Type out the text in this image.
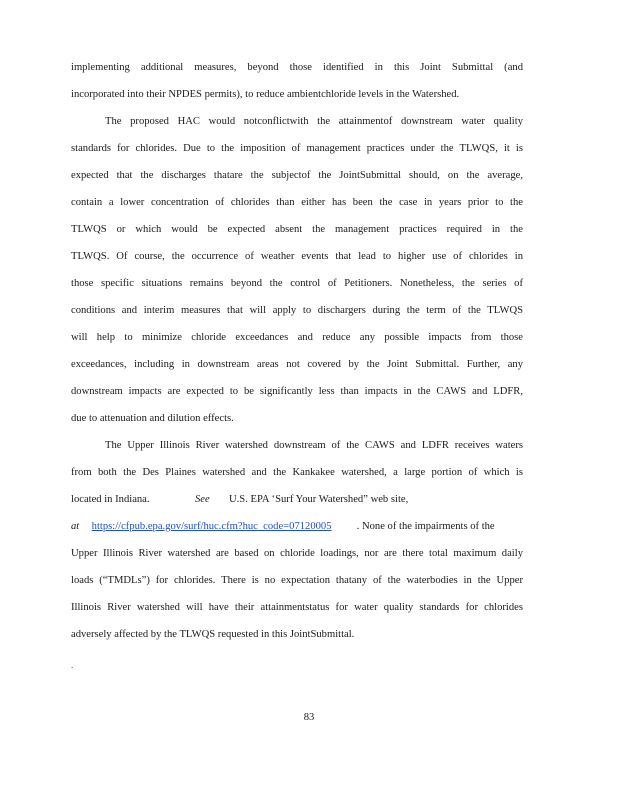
implementing additional measures, beyond those identified in this Joint Submittal (and
incorporated into their NPDES permits), to reduce ambientchloride levels in the Watershed.
The proposed HAC would notconflictwith the attainmentof downstream water quality
standards for chlorides. Due to the imposition of management practices under the TLWQS, it is
expected that the discharges thatare the subjectof the JointSubmittal should, on the average,
contain a lower concentration of chlorides than either has been the case in years prior to the
TLWQS or which would be expected absent the management practices required in the
TLWQS. Of course, the occurrence of weather events that lead to higher use of chlorides in
those specific situations remains beyond the control of Petitioners. Nonetheless, the series of
conditions and interim measures that will apply to dischargers during the term of the TLWQS
will help to minimize chloride exceedances and reduce any possible impacts from those
exceedances, including in downstream areas not covered by the Joint Submittal. Further, any
downstream impacts are expected to be significantly less than impacts in the CAWS and LDFR,
due to attenuation and dilution effects.
The Upper Illinois River watershed downstream of the CAWS and LDFR receives waters
from both the Des Plaines watershed and the Kankakee watershed, a large portion of which is
located in Indiana.	See U.S. EPA ‘Surf Your Watershed” web site,
at https://cfpub.epa.gov/surf/huc.cfm?huc_code=07120005 . None of the impairments of the
Upper Illinois River watershed are based on chloride loadings, nor are there total maximum daily
loads (“TMDLs”) for chlorides. There is no expectation thatany of the waterbodies in the Upper
Illinois River watershed will have their attainmentstatus for water quality standards for chlorides
adversely affected by the TLWQS requested in this JointSubmittal.
.
83
